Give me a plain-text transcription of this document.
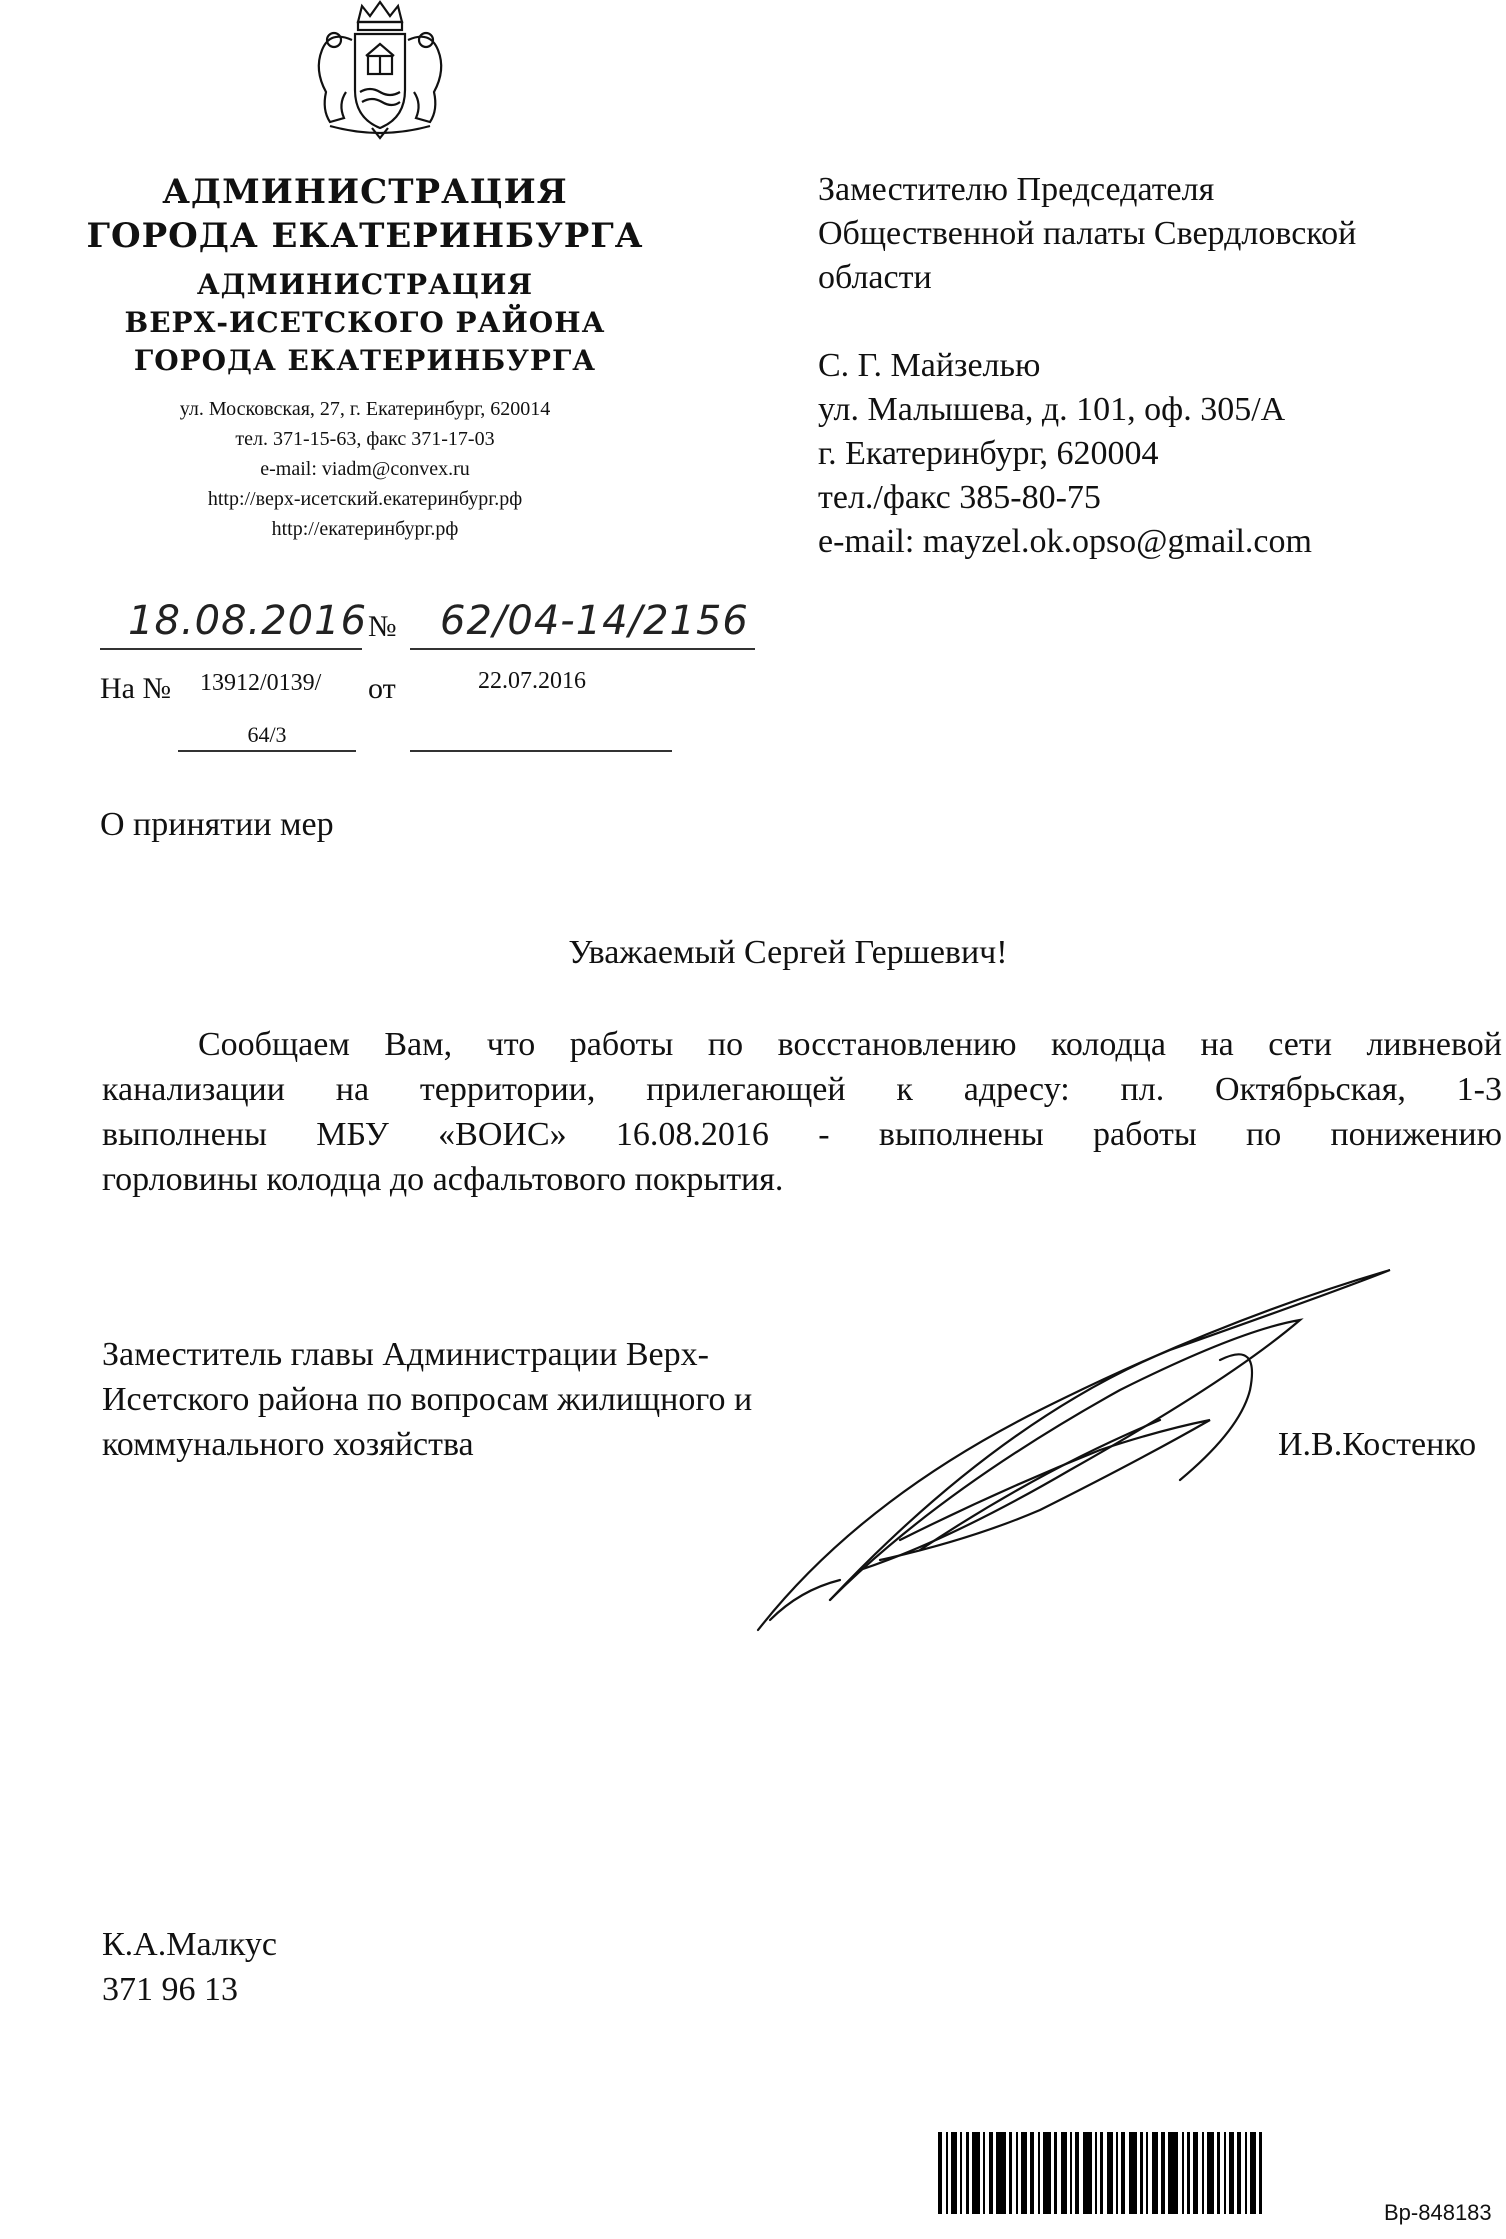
АДМИНИСТРАЦИЯ
ГОРОДА ЕКАТЕРИНБУРГА
АДМИНИСТРАЦИЯ
ВЕРХ-ИСЕТСКОГО РАЙОНА
ГОРОДА ЕКАТЕРИНБУРГА
ул. Московская, 27, г. Екатеринбург, 620014
тел. 371-15-63, факс 371-17-03
e-mail: viadm@convex.ru
http://верх-исетский.екатеринбург.рф
http://екатеринбург.рф
18.08.2016 № 62/04-14/2156
На № 13912/0139/ от	22.07.2016
64/3
Заместителю Председателя
Общественной палаты Свердловской
области
С. Г. Майзелью
ул. Малышева, д. 101, оф. 305/А
г. Екатеринбург, 620004
тел./факс 385-80-75
e-mail: mayzel.ok.opso@gmail.com
О принятии мер
Уважаемый Сергей Гершевич!
Сообщаем Вам, что работы по восстановлению колодца на сети ливневой
канализации на территории, прилегающей к адресу: пл. Октябрьская, 1-3
выполнены МБУ «ВОИС» 16.08.2016 - выполнены работы по понижению
горловины колодца до асфальтового покрытия.
Заместитель главы Администрации Верх-
Исетского района по вопросам жилищного и
коммунального хозяйства	И.В.Костенко
К.А.Малкус
371 96 13
Вр-848183
